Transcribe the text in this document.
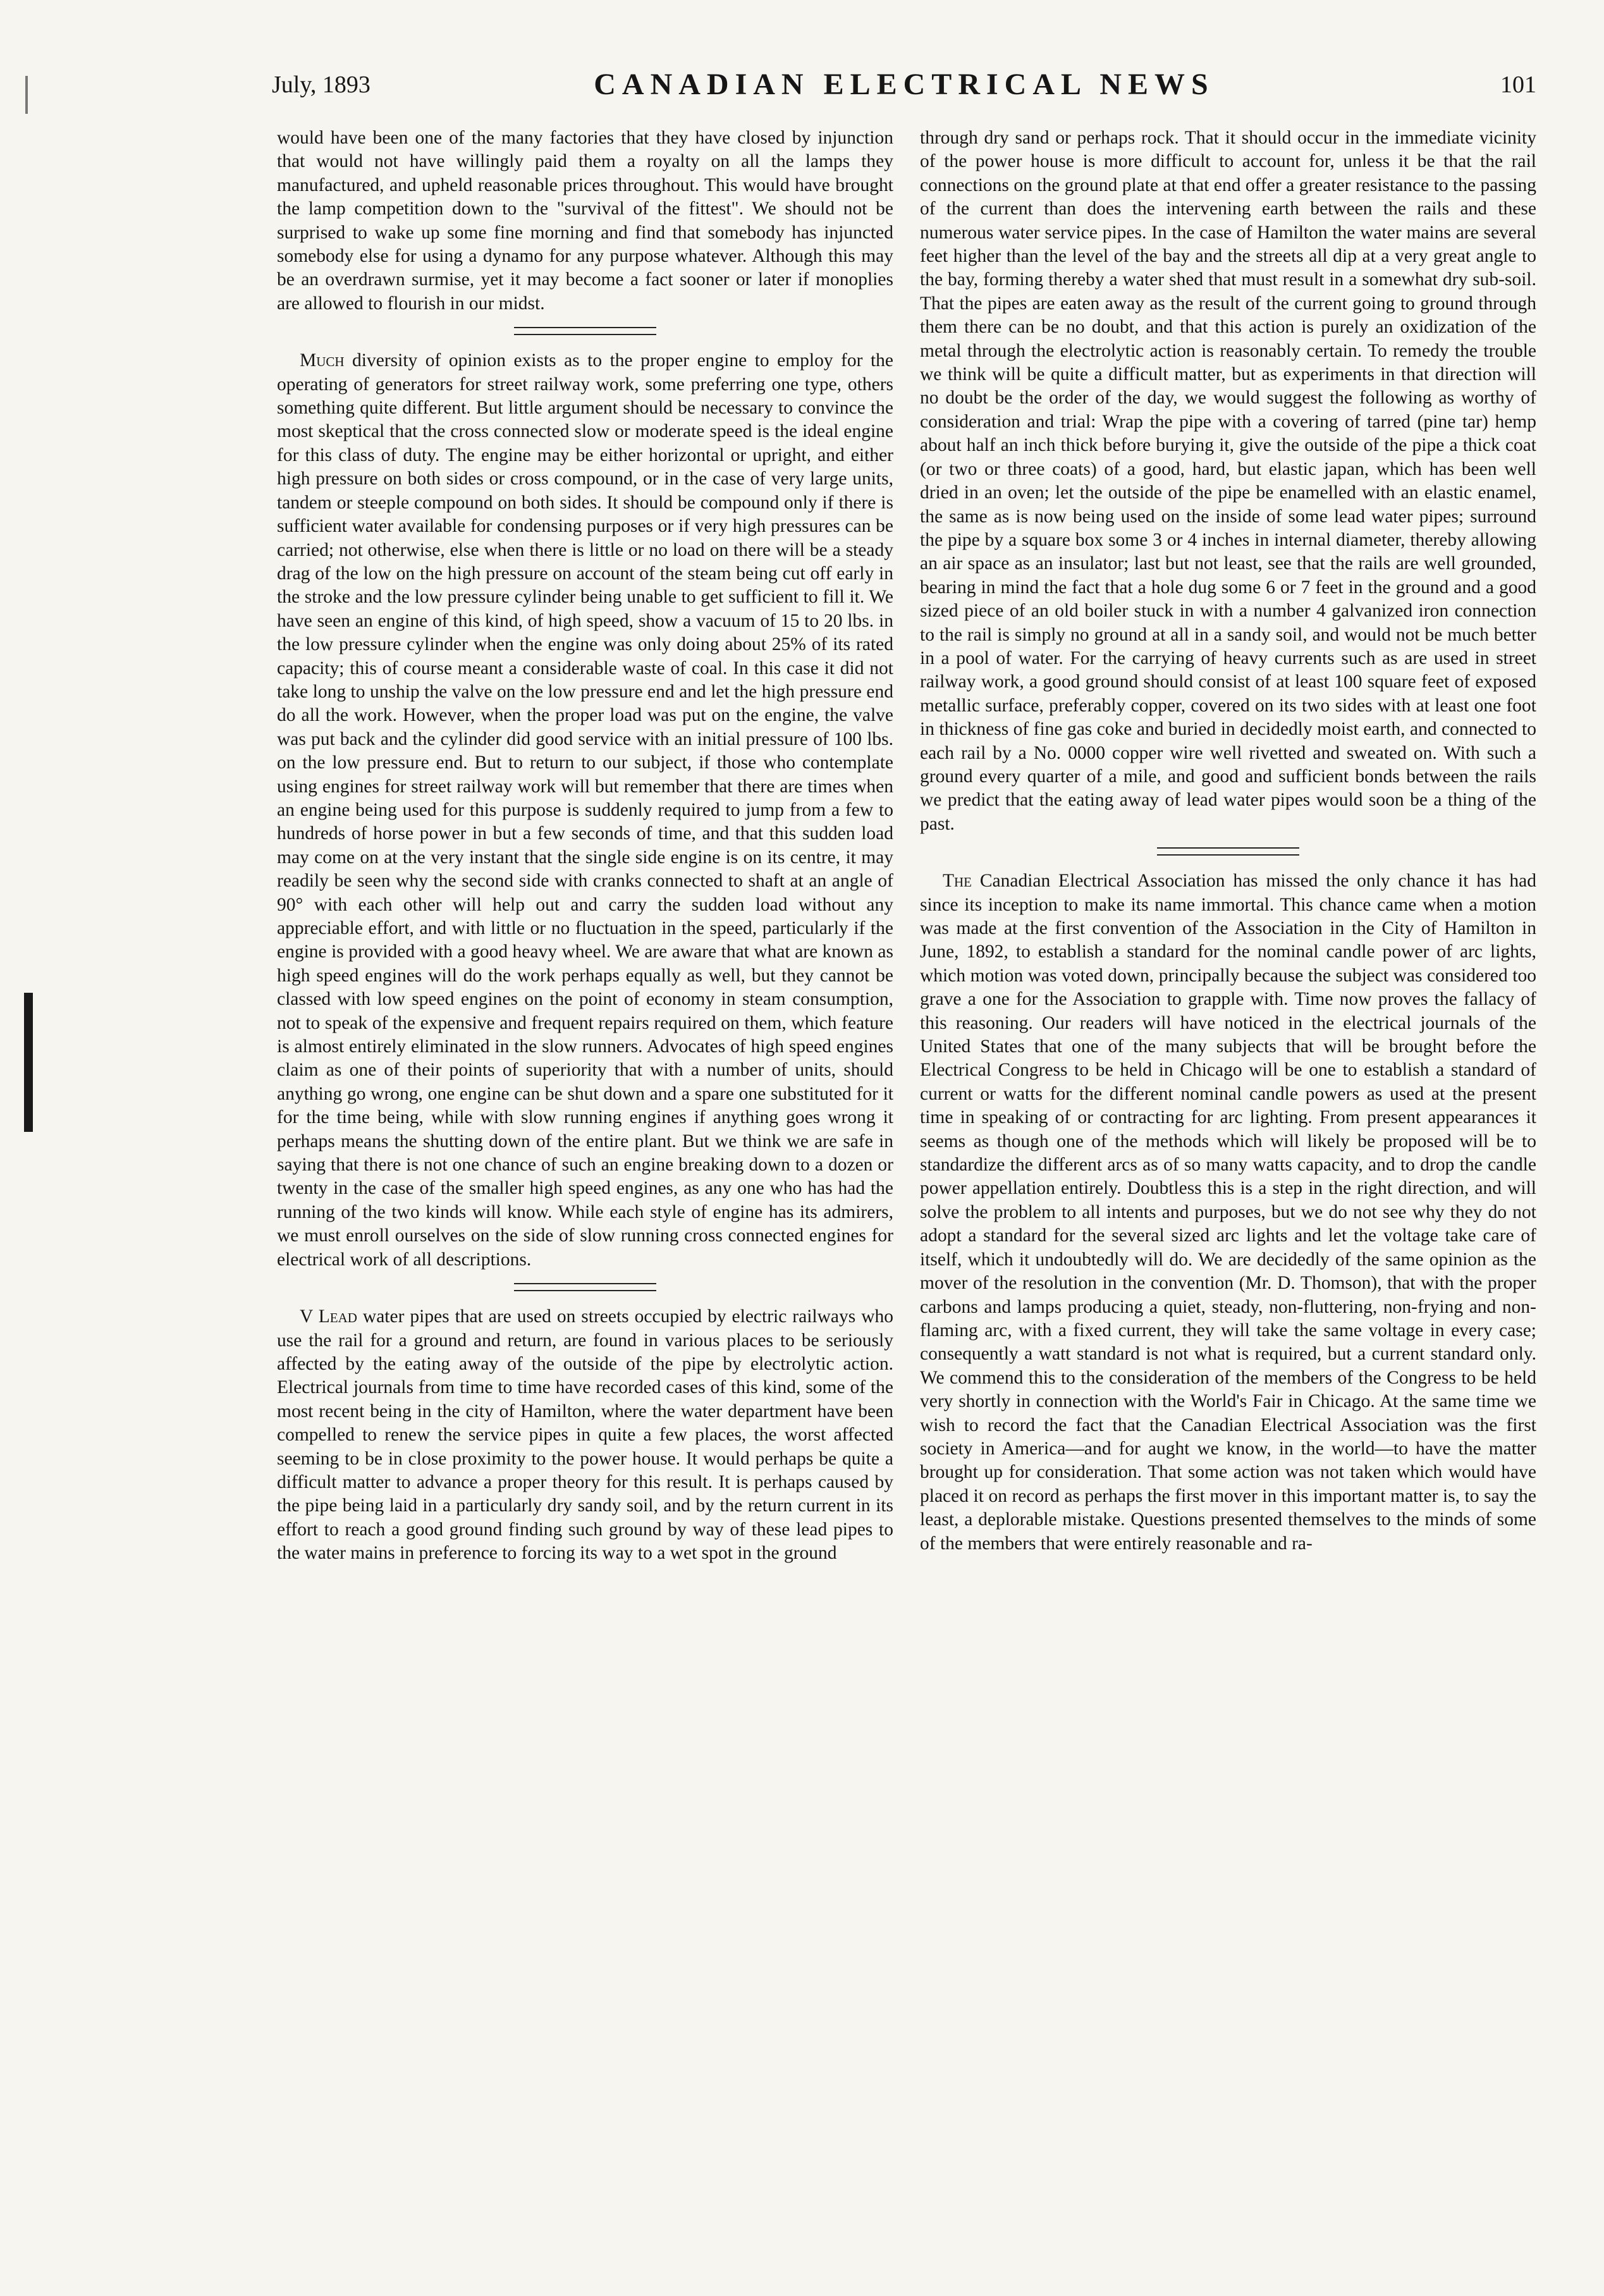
July, 1893	CANADIAN ELECTRICAL NEWS	101

would have been one of the many factories that they have closed by injunction that would not have willingly paid them a royalty on all the lamps they manufactured, and upheld reasonable prices throughout. This would have brought the lamp competition down to the "survival of the fittest". We should not be surprised to wake up some fine morning and find that somebody has injuncted somebody else for using a dynamo for any purpose whatever. Although this may be an overdrawn surmise, yet it may become a fact sooner or later if monoplies are allowed to flourish in our midst.

Much diversity of opinion exists as to the proper engine to employ for the operating of generators for street railway work, some preferring one type, others something quite different. But little argument should be necessary to convince the most skeptical that the cross connected slow or moderate speed is the ideal engine for this class of duty. The engine may be either horizontal or upright, and either high pressure on both sides or cross compound, or in the case of very large units, tandem or steeple compound on both sides. It should be compound only if there is sufficient water available for condensing purposes or if very high pressures can be carried; not otherwise, else when there is little or no load on there will be a steady drag of the low on the high pressure on account of the steam being cut off early in the stroke and the low pressure cylinder being unable to get sufficient to fill it. We have seen an engine of this kind, of high speed, show a vacuum of 15 to 20 lbs. in the low pressure cylinder when the engine was only doing about 25% of its rated capacity; this of course meant a considerable waste of coal. In this case it did not take long to unship the valve on the low pressure end and let the high pressure end do all the work. However, when the proper load was put on the engine, the valve was put back and the cylinder did good service with an initial pressure of 100 lbs. on the low pressure end. But to return to our subject, if those who contemplate using engines for street railway work will but remember that there are times when an engine being used for this purpose is suddenly required to jump from a few to hundreds of horse power in but a few seconds of time, and that this sudden load may come on at the very instant that the single side engine is on its centre, it may readily be seen why the second side with cranks connected to shaft at an angle of 90° with each other will help out and carry the sudden load without any appreciable effort, and with little or no fluctuation in the speed, particularly if the engine is provided with a good heavy wheel. We are aware that what are known as high speed engines will do the work perhaps equally as well, but they cannot be classed with low speed engines on the point of economy in steam consumption, not to speak of the expensive and frequent repairs required on them, which feature is almost entirely eliminated in the slow runners. Advocates of high speed engines claim as one of their points of superiority that with a number of units, should anything go wrong, one engine can be shut down and a spare one substituted for it for the time being, while with slow running engines if anything goes wrong it perhaps means the shutting down of the entire plant. But we think we are safe in saying that there is not one chance of such an engine breaking down to a dozen or twenty in the case of the smaller high speed engines, as any one who has had the running of the two kinds will know. While each style of engine has its admirers, we must enroll ourselves on the side of slow running cross connected engines for electrical work of all descriptions.

V Lead water pipes that are used on streets occupied by electric railways who use the rail for a ground and return, are found in various places to be seriously affected by the eating away of the outside of the pipe by electrolytic action. Electrical journals from time to time have recorded cases of this kind, some of the most recent being in the city of Hamilton, where the water department have been compelled to renew the service pipes in quite a few places, the worst affected seeming to be in close proximity to the power house. It would perhaps be quite a difficult matter to advance a proper theory for this result. It is perhaps caused by the pipe being laid in a particularly dry sandy soil, and by the return current in its effort to reach a good ground finding such ground by way of these lead pipes to the water mains in preference to forcing its way to a wet spot in the ground

through dry sand or perhaps rock. That it should occur in the immediate vicinity of the power house is more difficult to account for, unless it be that the rail connections on the ground plate at that end offer a greater resistance to the passing of the current than does the intervening earth between the rails and these numerous water service pipes. In the case of Hamilton the water mains are several feet higher than the level of the bay and the streets all dip at a very great angle to the bay, forming thereby a water shed that must result in a somewhat dry sub-soil. That the pipes are eaten away as the result of the current going to ground through them there can be no doubt, and that this action is purely an oxidization of the metal through the electrolytic action is reasonably certain. To remedy the trouble we think will be quite a difficult matter, but as experiments in that direction will no doubt be the order of the day, we would suggest the following as worthy of consideration and trial: Wrap the pipe with a covering of tarred (pine tar) hemp about half an inch thick before burying it, give the outside of the pipe a thick coat (or two or three coats) of a good, hard, but elastic japan, which has been well dried in an oven; let the outside of the pipe be enamelled with an elastic enamel, the same as is now being used on the inside of some lead water pipes; surround the pipe by a square box some 3 or 4 inches in internal diameter, thereby allowing an air space as an insulator; last but not least, see that the rails are well grounded, bearing in mind the fact that a hole dug some 6 or 7 feet in the ground and a good sized piece of an old boiler stuck in with a number 4 galvanized iron connection to the rail is simply no ground at all in a sandy soil, and would not be much better in a pool of water. For the carrying of heavy currents such as are used in street railway work, a good ground should consist of at least 100 square feet of exposed metallic surface, preferably copper, covered on its two sides with at least one foot in thickness of fine gas coke and buried in decidedly moist earth, and connected to each rail by a No. 0000 copper wire well rivetted and sweated on. With such a ground every quarter of a mile, and good and sufficient bonds between the rails we predict that the eating away of lead water pipes would soon be a thing of the past.

The Canadian Electrical Association has missed the only chance it has had since its inception to make its name immortal. This chance came when a motion was made at the first convention of the Association in the City of Hamilton in June, 1892, to establish a standard for the nominal candle power of arc lights, which motion was voted down, principally because the subject was considered too grave a one for the Association to grapple with. Time now proves the fallacy of this reasoning. Our readers will have noticed in the electrical journals of the United States that one of the many subjects that will be brought before the Electrical Congress to be held in Chicago will be one to establish a standard of current or watts for the different nominal candle powers as used at the present time in speaking of or contracting for arc lighting. From present appearances it seems as though one of the methods which will likely be proposed will be to standardize the different arcs as of so many watts capacity, and to drop the candle power appellation entirely. Doubtless this is a step in the right direction, and will solve the problem to all intents and purposes, but we do not see why they do not adopt a standard for the several sized arc lights and let the voltage take care of itself, which it undoubtedly will do. We are decidedly of the same opinion as the mover of the resolution in the convention (Mr. D. Thomson), that with the proper carbons and lamps producing a quiet, steady, non-fluttering, non-frying and non-flaming arc, with a fixed current, they will take the same voltage in every case; consequently a watt standard is not what is required, but a current standard only. We commend this to the consideration of the members of the Congress to be held very shortly in connection with the World's Fair in Chicago. At the same time we wish to record the fact that the Canadian Electrical Association was the first society in America—and for aught we know, in the world—to have the matter brought up for consideration. That some action was not taken which would have placed it on record as perhaps the first mover in this important matter is, to say the least, a deplorable mistake. Questions presented themselves to the minds of some of the members that were entirely reasonable and ra-
